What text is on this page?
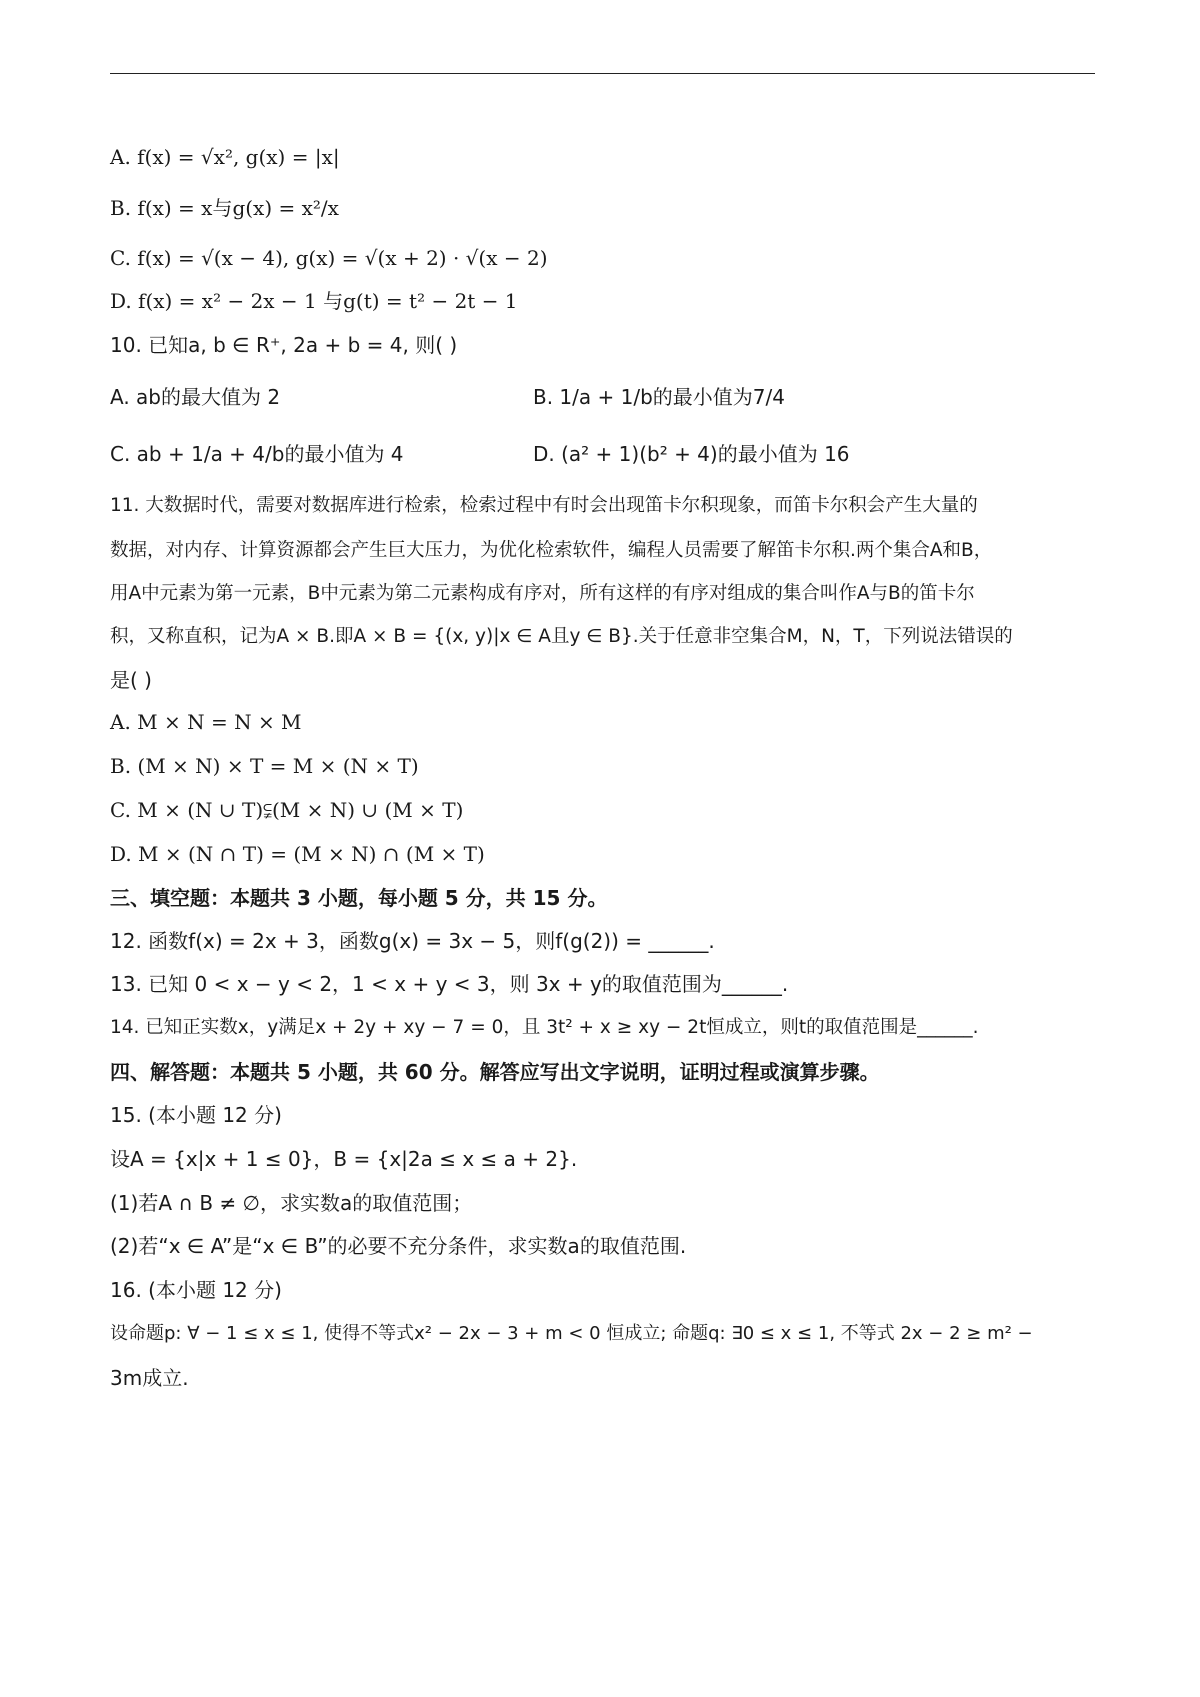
A. f(x) = √x², g(x) = |x|
B. f(x) = x与g(x) = x²/x
C. f(x) = √(x − 4), g(x) = √(x + 2) · √(x − 2)
D. f(x) = x² − 2x − 1 与g(t) = t² − 2t − 1
10. 已知a, b ∈ R⁺, 2a + b = 4, 则( )
A. ab的最大值为 2	B. 1/a + 1/b的最小值为7/4
C. ab + 1/a + 4/b的最小值为 4	D. (a² + 1)(b² + 4)的最小值为 16
11. 大数据时代，需要对数据库进行检索，检索过程中有时会出现笛卡尔积现象，而笛卡尔积会产生大量的
数据，对内存、计算资源都会产生巨大压力，为优化检索软件，编程人员需要了解笛卡尔积.两个集合A和B，
用A中元素为第一元素，B中元素为第二元素构成有序对，所有这样的有序对组成的集合叫作A与B的笛卡尔
积，又称直积，记为A × B.即A × B = {(x, y)|x ∈ A且y ∈ B}.关于任意非空集合M，N，T，下列说法错误的
是( )
A. M × N = N × M
B. (M × N) × T = M × (N × T)
C. M × (N ∪ T)⫋(M × N) ∪ (M × T)
D. M × (N ∩ T) = (M × N) ∩ (M × T)
三、填空题：本题共 3 小题，每小题 5 分，共 15 分。
12. 函数f(x) = 2x + 3，函数g(x) = 3x − 5，则f(g(2)) = ______.
13. 已知 0 < x − y < 2，1 < x + y < 3，则 3x + y的取值范围为______.
14. 已知正实数x，y满足x + 2y + xy − 7 = 0，且 3t² + x ≥ xy − 2t恒成立，则t的取值范围是______.
四、解答题：本题共 5 小题，共 60 分。解答应写出文字说明，证明过程或演算步骤。
15. (本小题 12 分)
设A = {x|x + 1 ≤ 0}，B = {x|2a ≤ x ≤ a + 2}.
(1)若A ∩ B ≠ ∅，求实数a的取值范围；
(2)若“x ∈ A”是“x ∈ B”的必要不充分条件，求实数a的取值范围.
16. (本小题 12 分)
设命题p: ∀ − 1 ≤ x ≤ 1, 使得不等式x² − 2x − 3 + m < 0 恒成立; 命题q: ∃0 ≤ x ≤ 1, 不等式 2x − 2 ≥ m² −
3m成立.
